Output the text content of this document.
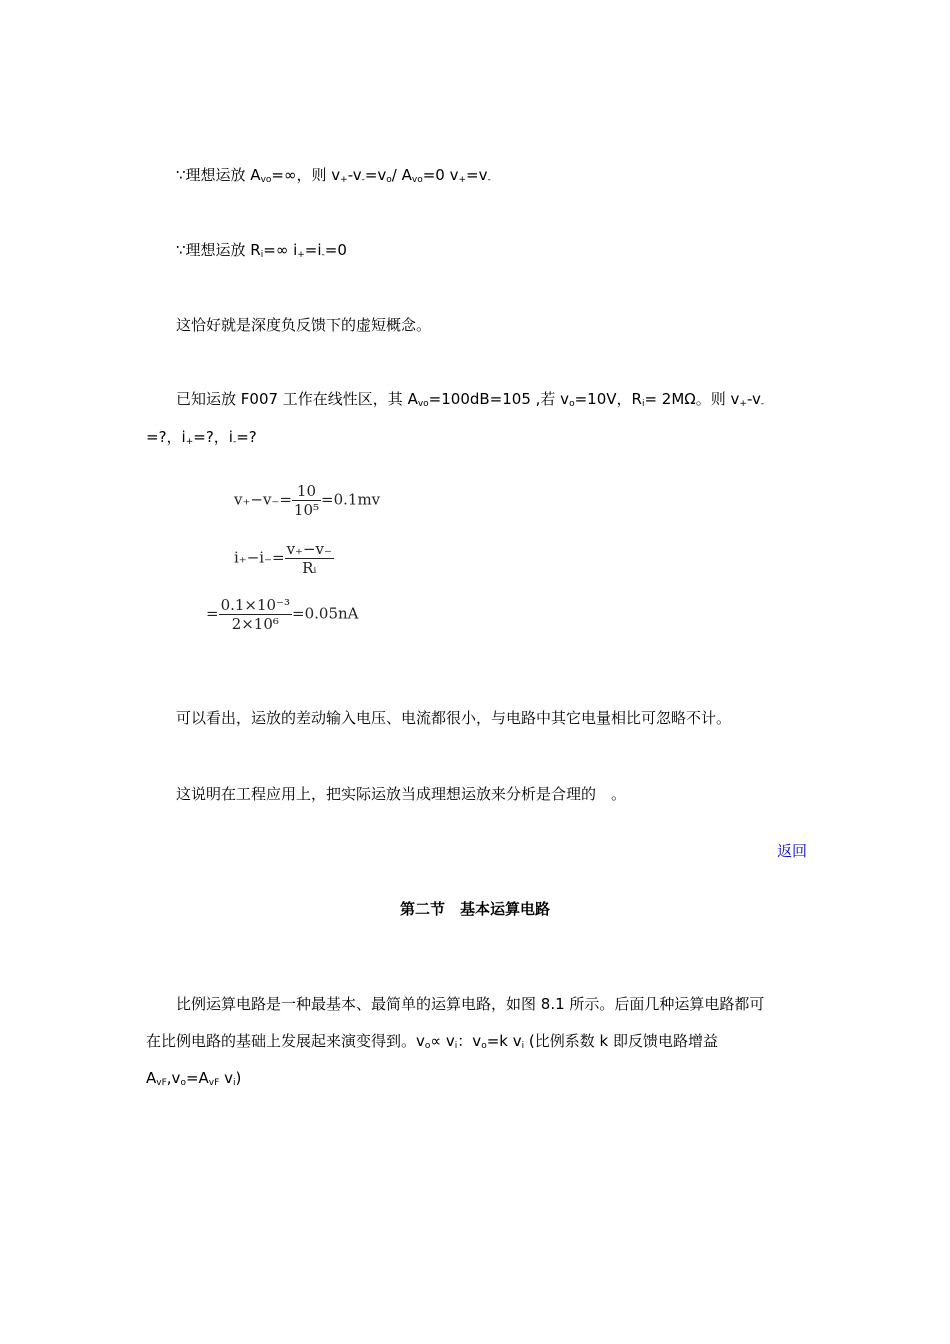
∵理想运放 $A_{vo}=\infty$，则 $v_+-v_-=v_o/$ $A_{vo}=0$ $v_+=v_-$
∵理想运放 $R_i=\infty$ $i_+=i_-=0$
这恰好就是深度负反馈下的虚短概念。
已知运放 F007 工作在线性区，其 $A_{vo}=100dB=105$ ,若 $v_o=10V$，$R_i= 2M\Omega$。则 $v_+-v_-$
=?，$i_+=$?，$i_-=$?
$v_+-v_-= \frac{10}{\text{10⁵}} =0.1mv$
$i_+-i_-= \frac{v_+-v_-}{\text{Rᵢ}}$
= $\frac{\text{0.1×10⁻³}}{\text{2×10⁶}} =0.05nA$
可以看出，运放的差动输入电压、电流都很小，与电路中其它电量相比可忽略不计。
这说明在工程应用上，把实际运放当成理想运放来分析是合理的　。
返回
第二节　基本运算电路
比例运算电路是一种最基本、最简单的运算电路，如图 8.1 所示。后面几种运算电路都可
在比例电路的基础上发展起来演变得到。$v_o\propto v_i$：$v_o=k$ $v_i$ (比例系数 k 即反馈电路增益
$A_{vF},v_o=A_{vF}$ $v_i$)
